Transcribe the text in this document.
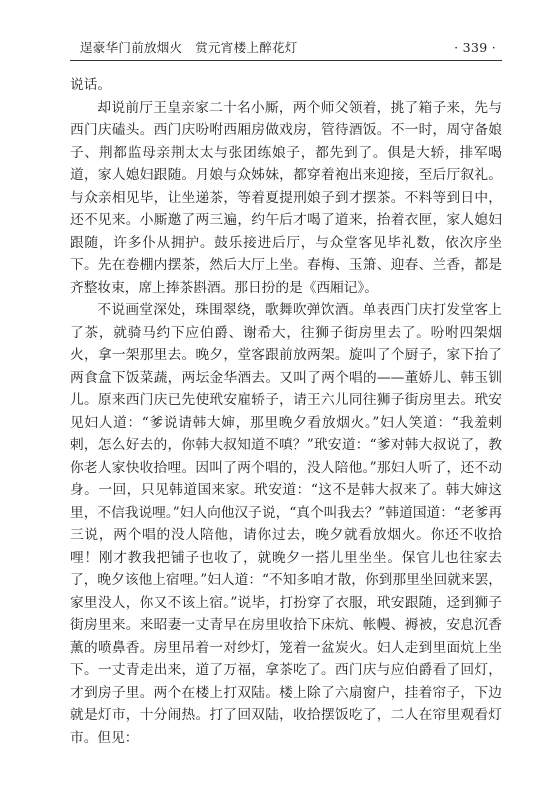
逞豪华门前放烟火　赏元宵楼上醉花灯	· 339 ·

说话。

却说前厅王皇亲家二十名小厮，两个师父领着，挑了箱子来，先与西门庆磕头。西门庆吩咐西厢房做戏房，管待酒饭。不一时，周守备娘子、荆都监母亲荆太太与张团练娘子，都先到了。俱是大轿，排军喝道，家人媳妇跟随。月娘与众姊妹，都穿着袍出来迎接，至后厅叙礼。与众亲相见毕，让坐递茶，等着夏提刑娘子到才摆茶。不料等到日中，还不见来。小厮邀了两三遍，约午后才喝了道来，抬着衣匣，家人媳妇跟随，许多仆从拥护。鼓乐接进后厅，与众堂客见毕礼数，依次序坐下。先在卷棚内摆茶，然后大厅上坐。春梅、玉箫、迎春、兰香，都是齐整妆束，席上捧茶斟酒。那日扮的是《西厢记》。

不说画堂深处，珠围翠绕，歌舞吹弹饮酒。单表西门庆打发堂客上了茶，就骑马约下应伯爵、谢希大，往狮子街房里去了。吩咐四架烟火，拿一架那里去。晚夕，堂客跟前放两架。旋叫了个厨子，家下抬了两食盒下饭菜蔬，两坛金华酒去。又叫了两个唱的——董娇儿、韩玉钏儿。原来西门庆已先使玳安雇轿子，请王六儿同往狮子街房里去。玳安见妇人道：“爹说请韩大婶，那里晚夕看放烟火。”妇人笑道：“我羞剌剌，怎么好去的，你韩大叔知道不嗔？”玳安道：“爹对韩大叔说了，教你老人家快收拾哩。因叫了两个唱的，没人陪他。”那妇人听了，还不动身。一回，只见韩道国来家。玳安道：“这不是韩大叔来了。韩大婶这里，不信我说哩。”妇人向他汉子说，“真个叫我去？”韩道国道：“老爹再三说，两个唱的没人陪他，请你过去，晚夕就看放烟火。你还不收拾哩！刚才教我把铺子也收了，就晚夕一搭儿里坐坐。保官儿也往家去了，晚夕该他上宿哩。”妇人道：“不知多咱才散，你到那里坐回就来罢，家里没人，你又不该上宿。”说毕，打扮穿了衣服，玳安跟随，迳到狮子街房里来。来昭妻一丈青早在房里收拾下床炕、帐幔、褥被，安息沉香薰的喷鼻香。房里吊着一对纱灯，笼着一盆炭火。妇人走到里面炕上坐下。一丈青走出来，道了万福，拿茶吃了。西门庆与应伯爵看了回灯，才到房子里。两个在楼上打双陆。楼上除了六扇窗户，挂着帘子，下边就是灯市，十分闹热。打了回双陆，收拾摆饭吃了，二人在帘里观看灯市。但见：
